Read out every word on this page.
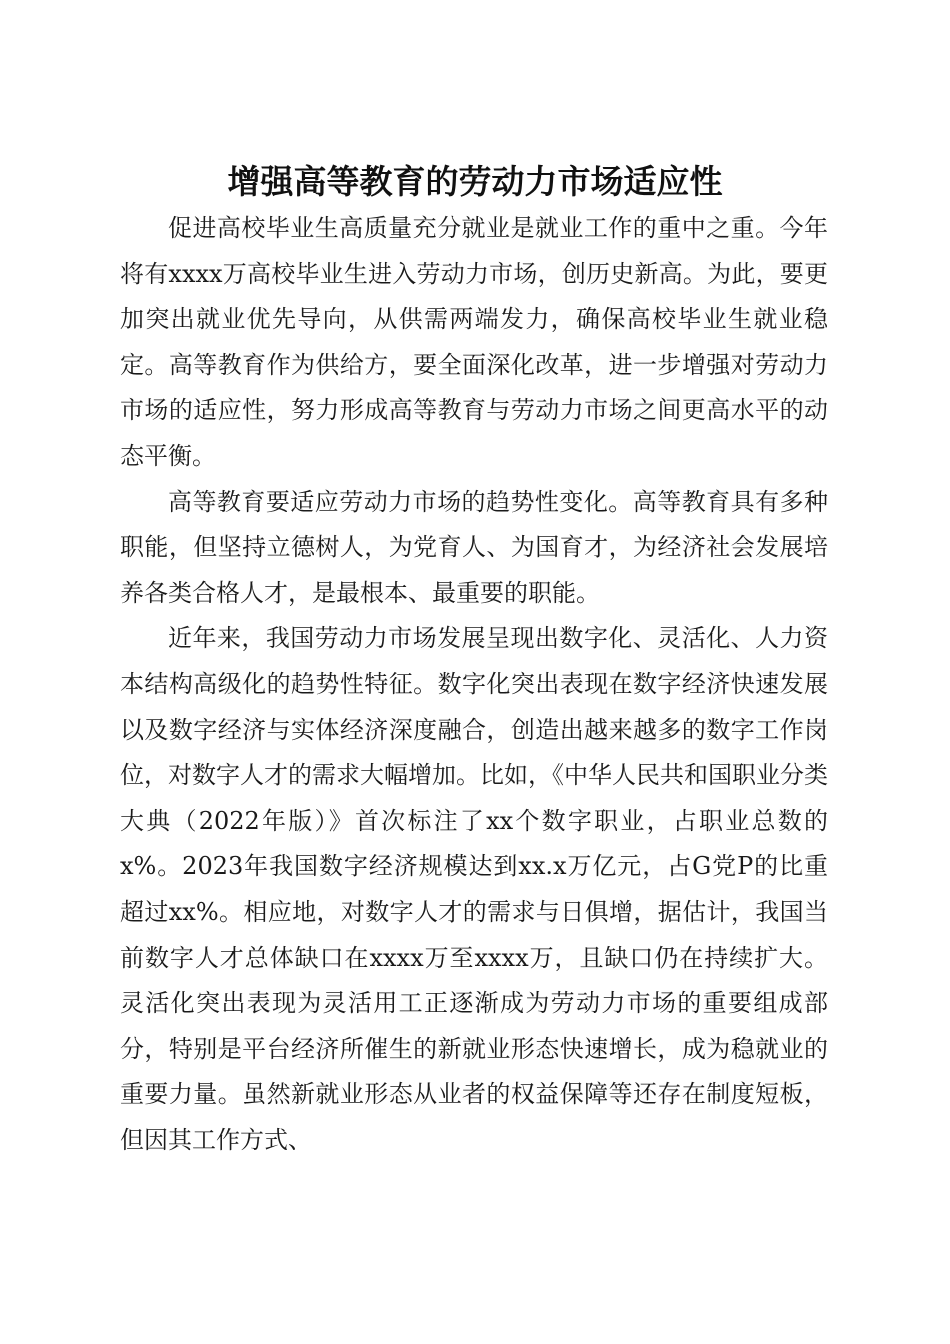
增强高等教育的劳动力市场适应性

促进高校毕业生高质量充分就业是就业工作的重中之重。今年将有xxxx万高校毕业生进入劳动力市场，创历史新高。为此，要更加突出就业优先导向，从供需两端发力，确保高校毕业生就业稳定。高等教育作为供给方，要全面深化改革，进一步增强对劳动力市场的适应性，努力形成高等教育与劳动力市场之间更高水平的动态平衡。

高等教育要适应劳动力市场的趋势性变化。高等教育具有多种职能，但坚持立德树人，为党育人、为国育才，为经济社会发展培养各类合格人才，是最根本、最重要的职能。

近年来，我国劳动力市场发展呈现出数字化、灵活化、人力资本结构高级化的趋势性特征。数字化突出表现在数字经济快速发展以及数字经济与实体经济深度融合，创造出越来越多的数字工作岗位，对数字人才的需求大幅增加。比如，《中华人民共和国职业分类大典（2022年版）》首次标注了xx个数字职业，占职业总数的x%。2023年我国数字经济规模达到xx.x万亿元，占G党P的比重超过xx%。相应地，对数字人才的需求与日俱增，据估计，我国当前数字人才总体缺口在xxxx万至xxxx万，且缺口仍在持续扩大。灵活化突出表现为灵活用工正逐渐成为劳动力市场的重要组成部分，特别是平台经济所催生的新就业形态快速增长，成为稳就业的重要力量。虽然新就业形态从业者的权益保障等还存在制度短板，但因其工作方式、
